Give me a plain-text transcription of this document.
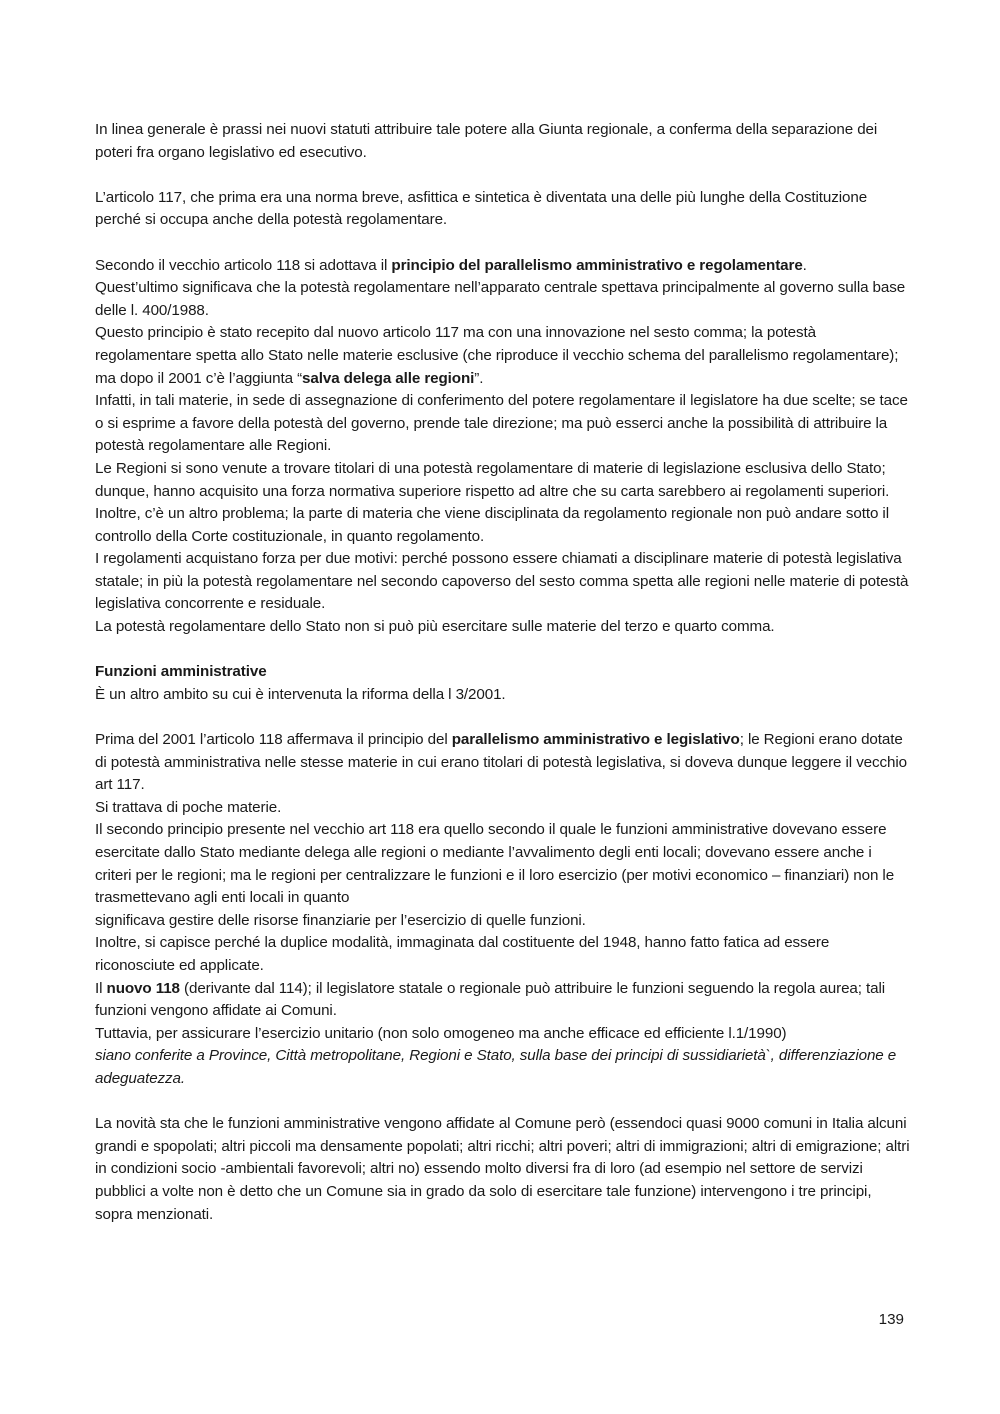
In linea generale è prassi nei nuovi statuti attribuire tale potere alla Giunta regionale, a conferma della separazione dei poteri fra organo legislativo ed esecutivo.

L’articolo 117, che prima era una norma breve, asfittica e sintetica è diventata una delle più lunghe della Costituzione perché si occupa anche della potestà regolamentare.

Secondo il vecchio articolo 118 si adottava il principio del parallelismo amministrativo e regolamentare.

Quest’ultimo significava che la potestà regolamentare nell’apparato centrale spettava principalmente al governo sulla base delle l. 400/1988.

Questo principio è stato recepito dal nuovo articolo 117 ma con una innovazione nel sesto comma; la potestà regolamentare spetta allo Stato nelle materie esclusive (che riproduce il vecchio schema del parallelismo regolamentare); ma dopo il 2001 c’è l’aggiunta “salva delega alle regioni”.

Infatti, in tali materie, in sede di assegnazione di conferimento del potere regolamentare il legislatore ha due scelte; se tace o si esprime a favore della potestà del governo, prende tale direzione; ma può esserci anche la possibilità di attribuire la potestà regolamentare alle Regioni.

Le Regioni si sono venute a trovare titolari di una potestà regolamentare di materie di legislazione esclusiva dello Stato; dunque, hanno acquisito una forza normativa superiore rispetto ad altre che su carta sarebbero ai regolamenti superiori.

Inoltre, c’è un altro problema; la parte di materia che viene disciplinata da regolamento regionale non può andare sotto il controllo della Corte costituzionale, in quanto regolamento.

I regolamenti acquistano forza per due motivi: perché possono essere chiamati a disciplinare materie di potestà legislativa statale; in più la potestà regolamentare nel secondo capoverso del sesto comma spetta alle regioni nelle materie di potestà legislativa concorrente e residuale.

La potestà regolamentare dello Stato non si può più esercitare sulle materie del terzo e quarto comma.

Funzioni amministrative

È un altro ambito su cui è intervenuta la riforma della l 3/2001.

Prima del 2001 l’articolo 118 affermava il principio del parallelismo amministrativo e legislativo; le Regioni erano dotate di potestà amministrativa nelle stesse materie in cui erano titolari di potestà legislativa, si doveva dunque leggere il vecchio art 117.

Si trattava di poche materie.

Il secondo principio presente nel vecchio art 118 era quello secondo il quale le funzioni amministrative dovevano essere esercitate dallo Stato mediante delega alle regioni o mediante l’avvalimento degli enti locali; dovevano essere anche i criteri per le regioni; ma le regioni per centralizzare le funzioni e il loro esercizio (per motivi economico – finanziari) non le trasmettevano agli enti locali in quanto

significava gestire delle risorse finanziarie per l’esercizio di quelle funzioni.

Inoltre, si capisce perché la duplice modalità, immaginata dal costituente del 1948, hanno fatto fatica ad essere riconosciute ed applicate.

Il nuovo 118 (derivante dal 114); il legislatore statale o regionale può attribuire le funzioni seguendo la regola aurea; tali funzioni vengono affidate ai Comuni.

Tuttavia, per assicurare l’esercizio unitario (non solo omogeneo ma anche efficace ed efficiente l.1/1990)

siano conferite a Province, Città metropolitane, Regioni e Stato, sulla base dei principi di sussidiarietà`, differenziazione e adeguatezza.

La novità sta che le funzioni amministrative vengono affidate al Comune però (essendoci quasi 9000 comuni in Italia alcuni grandi e spopolati; altri piccoli ma densamente popolati; altri ricchi; altri poveri; altri di immigrazioni; altri di emigrazione; altri in condizioni socio -ambientali favorevoli; altri no) essendo molto diversi fra di loro (ad esempio nel settore de servizi pubblici a volte non è detto che un Comune sia in grado da solo di esercitare tale funzione) intervengono i tre principi, sopra menzionati.

139
